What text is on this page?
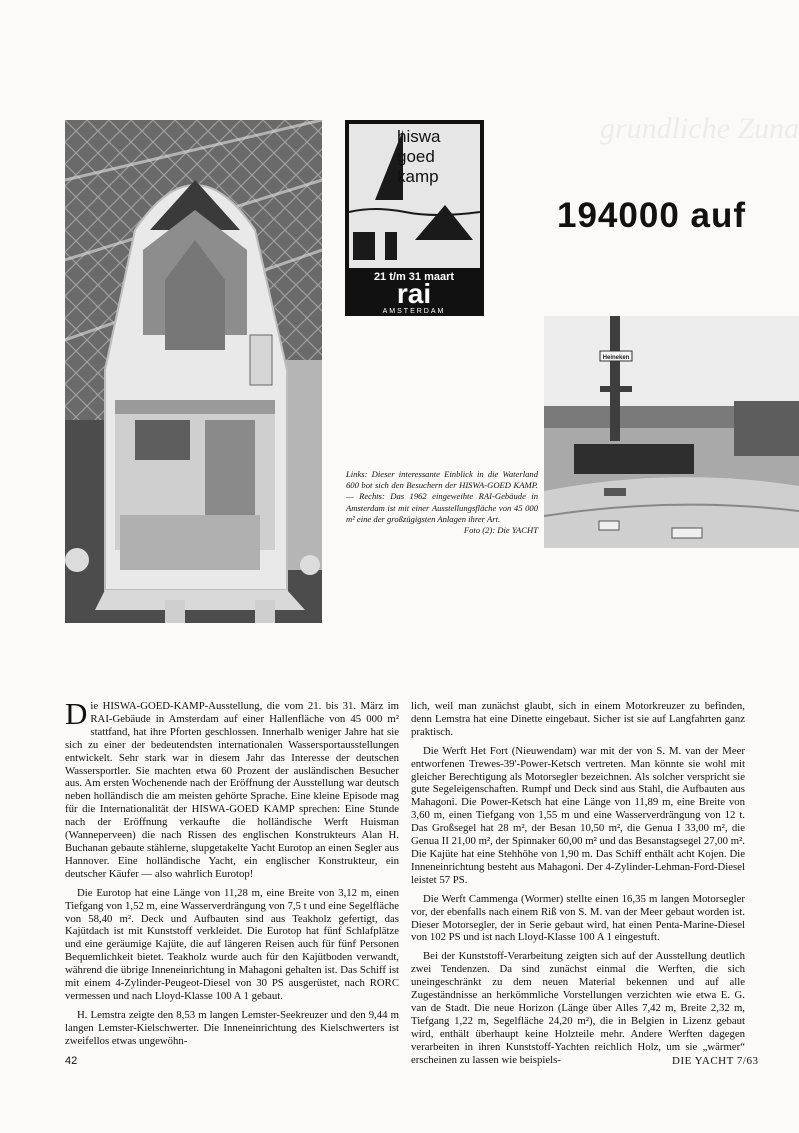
grundliche Zuna
hiswa
goed
kamp
21 t/m 31 maart
rai
AMSTERDAM
194000 auf
Heineken
Links: Dieser interessante Einblick in die Waterland 600 bot sich den Besuchern der HISWA-GOED KAMP. — Rechts: Das 1962 eingeweihte RAI-Gebäude in Amsterdam ist mit einer Ausstellungsfläche von 45 000 m² eine der großzügigsten Anlagen ihrer Art.
Foto (2): Die YACHT

Die HISWA-GOED-KAMP-Ausstellung, die vom 21. bis 31. März im RAI-Gebäude in Amsterdam auf einer Hallenfläche von 45 000 m² stattfand, hat ihre Pforten geschlossen. Innerhalb weniger Jahre hat sie sich zu einer der bedeutendsten internationalen Wassersportausstellungen entwickelt. Sehr stark war in diesem Jahr das Interesse der deutschen Wassersportler. Sie machten etwa 60 Prozent der ausländischen Besucher aus. Am ersten Wochenende nach der Eröffnung der Ausstellung war deutsch neben holländisch die am meisten gehörte Sprache. Eine kleine Episode mag für die Internationalität der HISWA-GOED KAMP sprechen: Eine Stunde nach der Eröffnung verkaufte die holländische Werft Huisman (Wanneperveen) die nach Rissen des englischen Konstrukteurs Alan H. Buchanan gebaute stählerne, slupgetakelte Yacht Eurotop an einen Segler aus Hannover. Eine holländische Yacht, ein englischer Konstrukteur, ein deutscher Käufer — also wahrlich Eurotop!

Die Eurotop hat eine Länge von 11,28 m, eine Breite von 3,12 m, einen Tiefgang von 1,52 m, eine Wasserverdrängung von 7,5 t und eine Segelfläche von 58,40 m². Deck und Aufbauten sind aus Teakholz gefertigt, das Kajütdach ist mit Kunststoff verkleidet. Die Eurotop hat fünf Schlafplätze und eine geräumige Kajüte, die auf längeren Reisen auch für fünf Personen Bequemlichkeit bietet. Teakholz wurde auch für den Kajütboden verwandt, während die übrige Inneneinrichtung in Mahagoni gehalten ist. Das Schiff ist mit einem 4-Zylinder-Peugeot-Diesel von 30 PS ausgerüstet, nach RORC vermessen und nach Lloyd-Klasse 100 A 1 gebaut.

H. Lemstra zeigte den 8,53 m langen Lemster-Seekreuzer und den 9,44 m langen Lemster-Kielschwerter. Die Inneneinrichtung des Kielschwerters ist zweifellos etwas ungewöhn-

lich, weil man zunächst glaubt, sich in einem Motorkreuzer zu befinden, denn Lemstra hat eine Dinette eingebaut. Sicher ist sie auf Langfahrten ganz praktisch.

Die Werft Het Fort (Nieuwendam) war mit der von S. M. van der Meer entworfenen Trewes-39'-Power-Ketsch vertreten. Man könnte sie wohl mit gleicher Berechtigung als Motorsegler bezeichnen. Als solcher verspricht sie gute Segeleigenschaften. Rumpf und Deck sind aus Stahl, die Aufbauten aus Mahagoni. Die Power-Ketsch hat eine Länge von 11,89 m, eine Breite von 3,60 m, einen Tiefgang von 1,55 m und eine Wasserverdrängung von 12 t. Das Großsegel hat 28 m², der Besan 10,50 m², die Genua I 33,00 m², die Genua II 21,00 m², der Spinnaker 60,00 m² und das Besanstagsegel 27,00 m². Die Kajüte hat eine Stehhöhe von 1,90 m. Das Schiff enthält acht Kojen. Die Inneneinrichtung besteht aus Mahagoni. Der 4-Zylinder-Lehman-Ford-Diesel leistet 57 PS.

Die Werft Cammenga (Wormer) stellte einen 16,35 m langen Motorsegler vor, der ebenfalls nach einem Riß von S. M. van der Meer gebaut worden ist. Dieser Motorsegler, der in Serie gebaut wird, hat einen Penta-Marine-Diesel von 102 PS und ist nach Lloyd-Klasse 100 A 1 eingestuft.

Bei der Kunststoff-Verarbeitung zeigten sich auf der Ausstellung deutlich zwei Tendenzen. Da sind zunächst einmal die Werften, die sich uneingeschränkt zu dem neuen Material bekennen und auf alle Zugeständnisse an herkömmliche Vorstellungen verzichten wie etwa E. G. van de Stadt. Die neue Horizon (Länge über Alles 7,42 m, Breite 2,32 m, Tiefgang 1,22 m, Segelfläche 24,20 m²), die in Belgien in Lizenz gebaut wird, enthält überhaupt keine Holzteile mehr. Andere Werften dagegen verarbeiten in ihren Kunststoff-Yachten reichlich Holz, um sie „wärmer“ erscheinen zu lassen wie beispiels-

42	DIE YACHT 7/63
